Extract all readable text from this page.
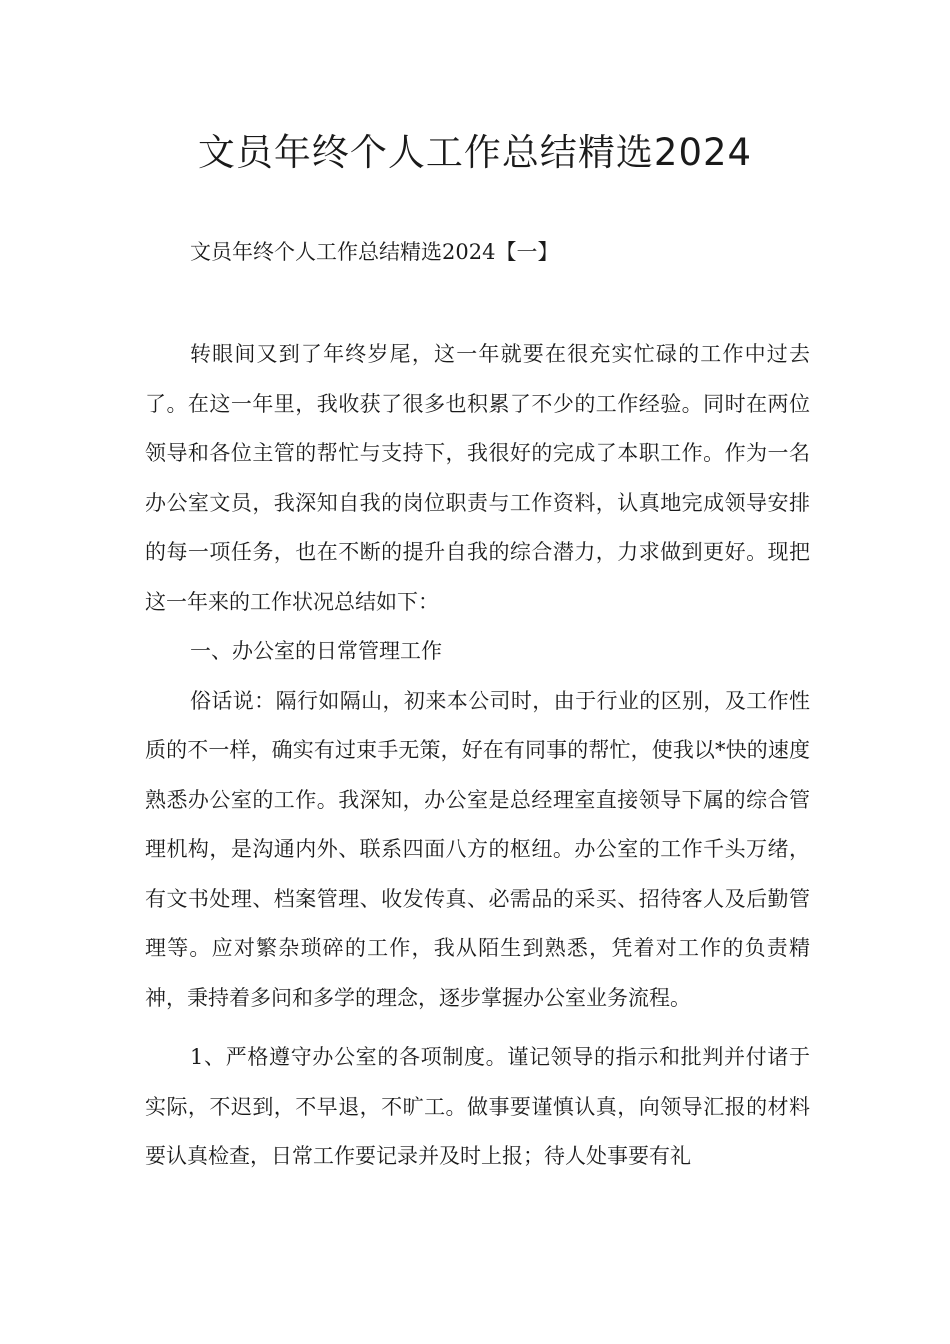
文员年终个人工作总结精选2024

文员年终个人工作总结精选2024【一】

转眼间又到了年终岁尾，这一年就要在很充实忙碌的工作中过去了。在这一年里，我收获了很多也积累了不少的工作经验。同时在两位领导和各位主管的帮忙与支持下，我很好的完成了本职工作。作为一名办公室文员，我深知自我的岗位职责与工作资料，认真地完成领导安排的每一项任务，也在不断的提升自我的综合潜力，力求做到更好。现把这一年来的工作状况总结如下：

一、办公室的日常管理工作

俗话说：隔行如隔山，初来本公司时，由于行业的区别，及工作性质的不一样，确实有过束手无策，好在有同事的帮忙，使我以*快的速度熟悉办公室的工作。我深知，办公室是总经理室直接领导下属的综合管理机构，是沟通内外、联系四面八方的枢纽。办公室的工作千头万绪，有文书处理、档案管理、收发传真、必需品的采买、招待客人及后勤管理等。应对繁杂琐碎的工作，我从陌生到熟悉，凭着对工作的负责精神，秉持着多问和多学的理念，逐步掌握办公室业务流程。

1、严格遵守办公室的各项制度。谨记领导的指示和批判并付诸于实际，不迟到，不早退，不旷工。做事要谨慎认真，向领导汇报的材料要认真检查，日常工作要记录并及时上报；待人处事要有礼
